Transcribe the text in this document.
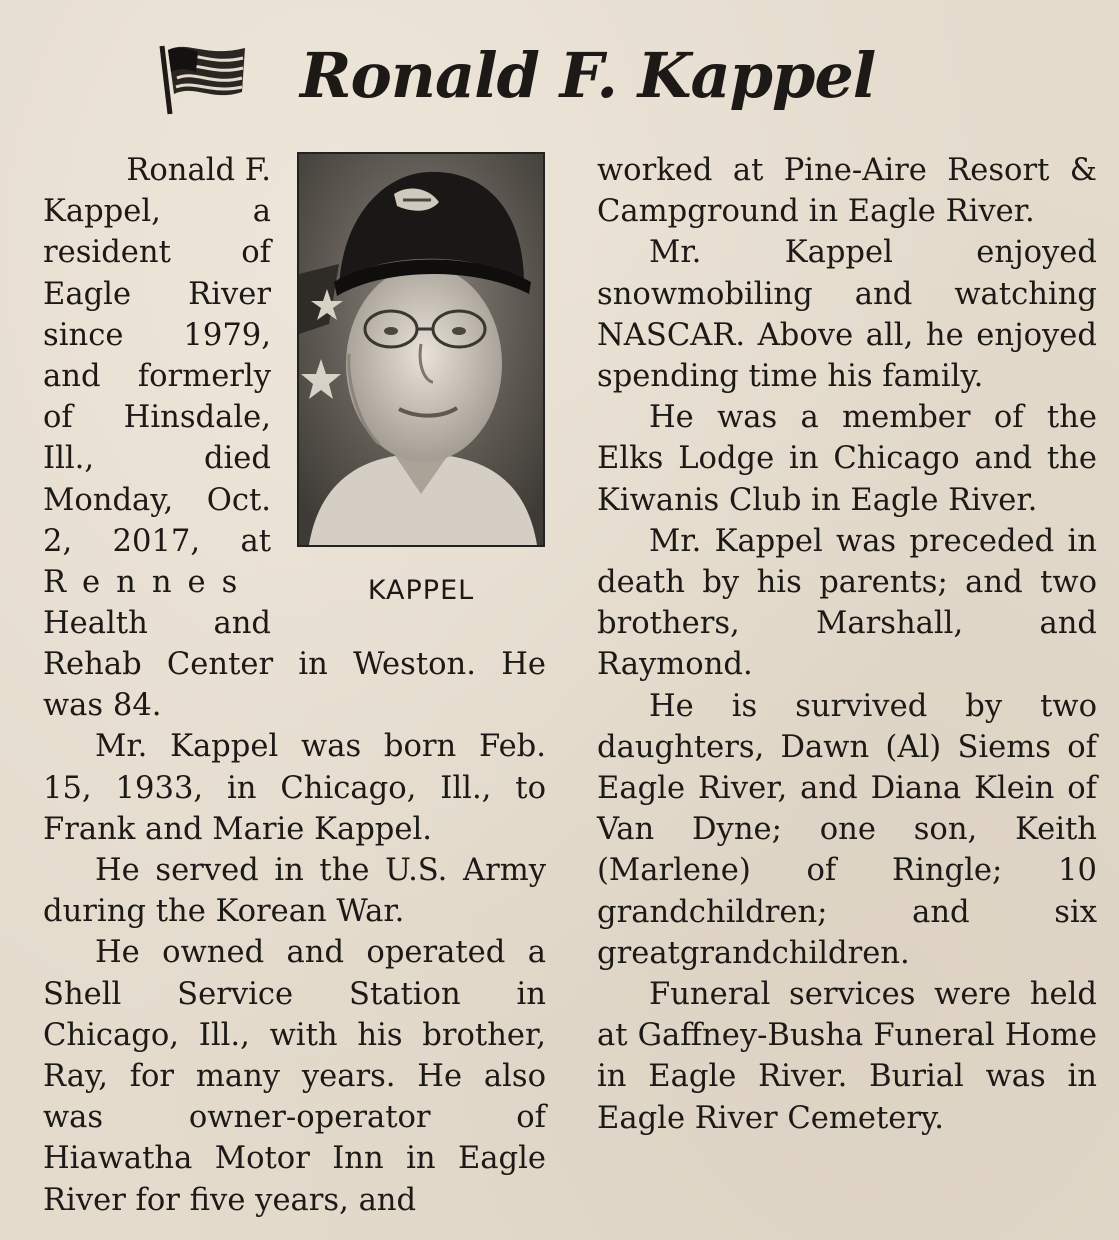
Ronald F. Kappel
KAPPEL

Ronald F.

Kappel, a

resident of

Eagle River

since 1979,

and formerly

of Hinsdale,

Ill., died

Monday, Oct.

2, 2017, at

Rennes

Health and

Rehab Center in Weston. He was 84.

Mr. Kappel was born Feb. 15, 1933, in Chicago, Ill., to Frank and Marie Kappel.

He served in the U.S. Army during the Korean War.

He owned and operated a Shell Service Station in Chicago, Ill., with his brother, Ray, for many years. He also was owner-operator of Hiawatha Motor Inn in Eagle River for five years, and

worked at Pine-Aire Resort & Campground in Eagle River.

Mr. Kappel enjoyed snowmobiling and watching NASCAR. Above all, he enjoyed spending time his family.

He was a member of the Elks Lodge in Chicago and the Kiwanis Club in Eagle River.

Mr. Kappel was preceded in death by his parents; and two brothers, Marshall, and Raymond.

He is survived by two daughters, Dawn (Al) Siems of Eagle River, and Diana Klein of Van Dyne; one son, Keith (Marlene) of Ringle; 10 grandchildren; and six greatgrandchildren.

Funeral services were held at Gaffney-Busha Funeral Home in Eagle River. Burial was in Eagle River Cemetery.
